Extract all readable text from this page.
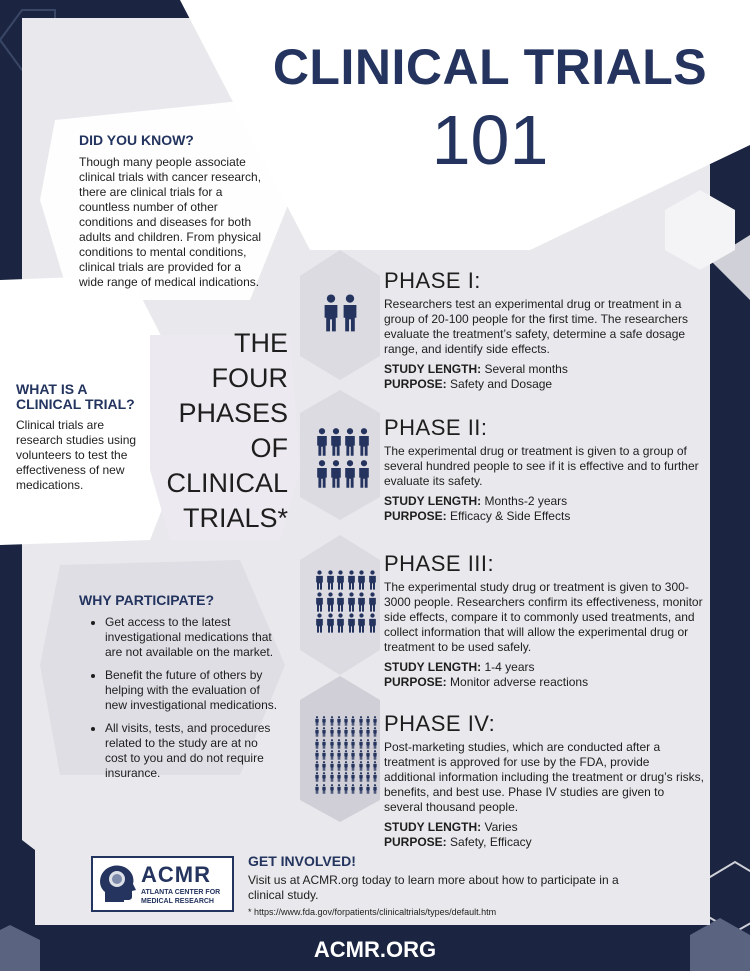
CLINICAL TRIALS
101
DID YOU KNOW?
Though many people associate clinical trials with cancer research, there are clinical trials for a countless number of other conditions and diseases for both adults and children. From physical conditions to mental conditions, clinical trials are provided for a wide range of medical indications.
WHAT IS A
CLINICAL TRIAL?
Clinical trials are research studies using volunteers to test the effectiveness of new medications.
THE
FOUR
PHASES
OF
CLINICAL
TRIALS*
WHY PARTICIPATE?
• Get access to the latest investigational medications that are not available on the market.
• Benefit the future of others by helping with the evaluation of new investigational medications.
• All visits, tests, and procedures related to the study are at no cost to you and do not require insurance.
PHASE I:
Researchers test an experimental drug or treatment in a group of 20-100 people for the first time. The researchers evaluate the treatment’s safety, determine a safe dosage range, and identify side effects.
STUDY LENGTH: Several months
PURPOSE: Safety and Dosage
PHASE II:
The experimental drug or treatment is given to a group of several hundred people to see if it is effective and to further evaluate its safety.
STUDY LENGTH: Months-2 years
PURPOSE: Efficacy & Side Effects
PHASE III:
The experimental study drug or treatment is given to 300-3000 people. Researchers confirm its effectiveness, monitor side effects, compare it to commonly used treatments, and collect information that will allow the experimental drug or treatment to be used safely.
STUDY LENGTH: 1-4 years
PURPOSE: Monitor adverse reactions
PHASE IV:
Post-marketing studies, which are conducted after a treatment is approved for use by the FDA, provide additional information including the treatment or drug’s risks, benefits, and best use. Phase IV studies are given to several thousand people.
STUDY LENGTH: Varies
PURPOSE: Safety, Efficacy
ACMR
ATLANTA CENTER FOR
MEDICAL RESEARCH
GET INVOLVED!
Visit us at ACMR.org today to learn more about how to participate in a clinical study.
* https://www.fda.gov/forpatients/clinicaltrials/types/default.htm
ACMR.ORG
